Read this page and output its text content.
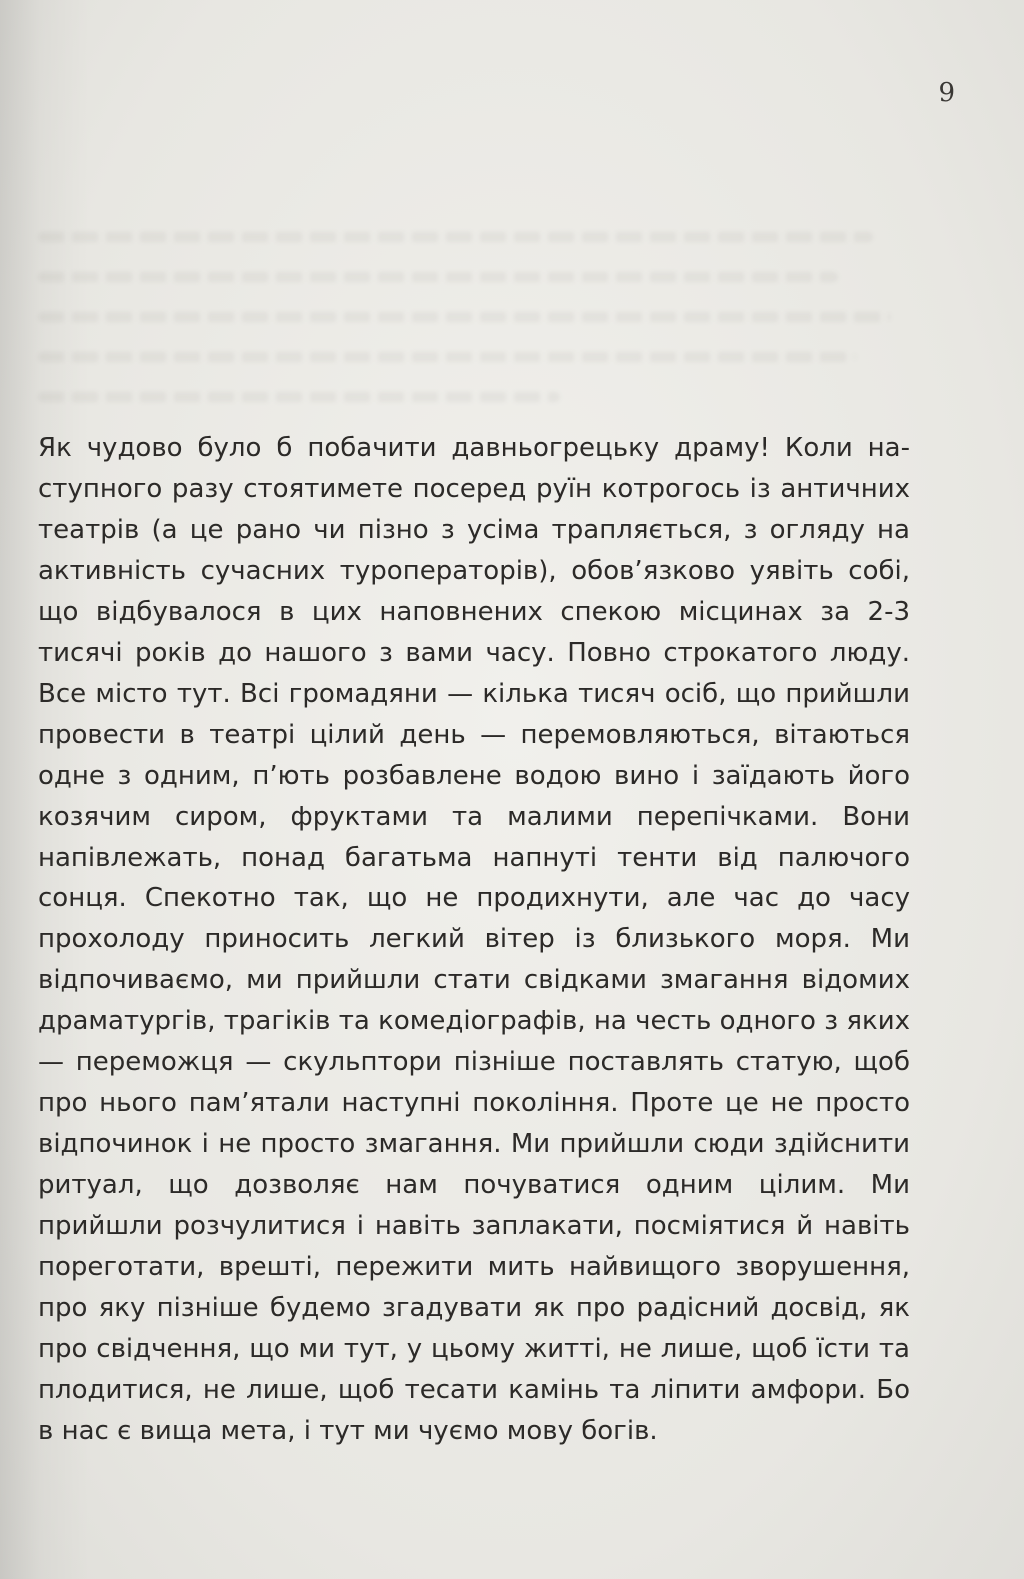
9

Як чудово було б побачити давньогрецьку драму! Коли наступного разу стоятимете посеред руїн котрогось із античних театрів (а це рано чи пізно з усіма трапляється, з огляду на активність сучасних туроператорів), обов’язково уявіть собі, що відбувалося в цих наповнених спекою місцинах за 2-3 тисячі років до нашого з вами часу. Повно строкатого люду. Все місто тут. Всі громадяни — кілька тисяч осіб, що прийшли провести в театрі цілий день — перемовляються, вітаються одне з одним, п’ють розбавлене водою вино і заїдають його козячим сиром, фруктами та малими перепічками. Вони напівлежать, понад багатьма напнуті тенти від палючого сонця. Спекотно так, що не продихнути, але час до часу прохолоду приносить легкий вітер із близького моря. Ми відпочиваємо, ми прийшли стати свідками змагання відомих драматургів, трагіків та комедіографів, на честь одного з яких — переможця — скульптори пізніше поставлять статую, щоб про нього пам’ятали наступні покоління. Проте це не просто відпочинок і не просто змагання. Ми прийшли сюди здійснити ритуал, що дозволяє нам почуватися одним цілим. Ми прийшли розчулитися і навіть заплакати, посміятися й навіть пореготати, врешті, пережити мить найвищого зворушення, про яку пізніше будемо згадувати як про радісний досвід, як про свідчення, що ми тут, у цьому житті, не лише, щоб їсти та плодитися, не лише, щоб тесати камінь та ліпити амфори. Бо в нас є вища мета, і тут ми чуємо мову богів.
